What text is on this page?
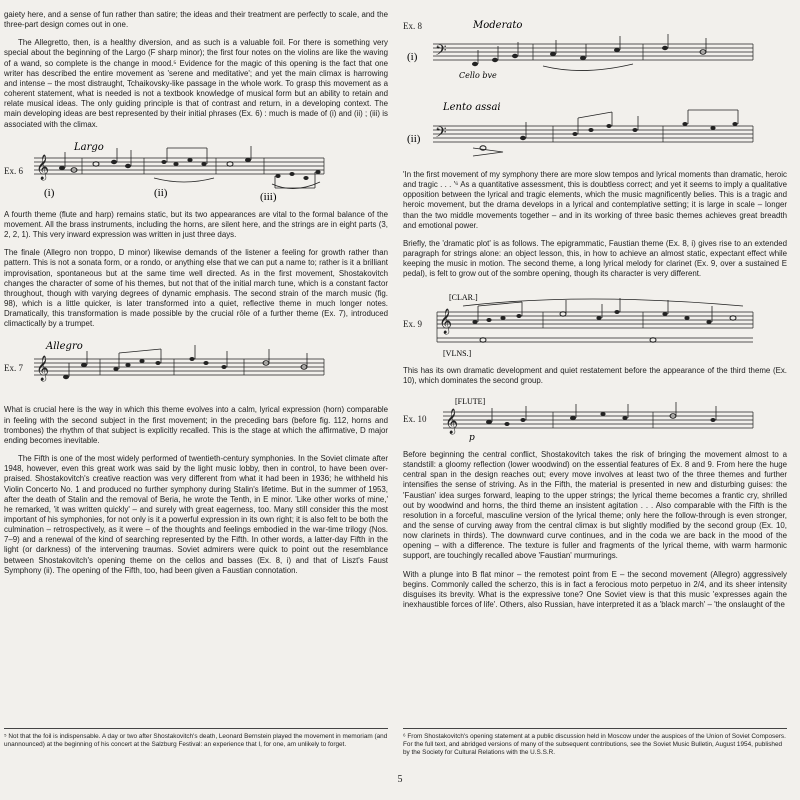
gaiety here, and a sense of fun rather than satire; the ideas and their treatment are perfectly to scale, and the three-part design comes out in one.

The Allegretto, then, is a healthy diversion, and as such is a valuable foil. For there is something very special about the beginning of the Largo (F sharp minor); the first four notes on the violins are like the waving of a wand, so complete is the change in mood.⁵ Evidence for the magic of this opening is the fact that one writer has described the entire movement as 'serene and meditative'; and yet the main climax is harrowing and intense – the most distraught, Tchaikovsky-like passage in the whole work. To grasp this movement as a coherent statement, what is needed is not a textbook knowledge of musical form but an ability to retain and relate musical ideas. The only guiding principle is that of contrast and return, in a developing context. The main developing ideas are best represented by their initial phrases (Ex. 6) : much is made of (i) and (ii) ; (iii) is associated with the climax.

Ex. 6 𝄞
Largo
(i)	(ii)	(iii)

A fourth theme (flute and harp) remains static, but its two appearances are vital to the formal balance of the movement. All the brass instruments, including the horns, are silent here, and the strings are in eight parts (3, 2, 2, 1). This very inward expression was written in just three days.

The finale (Allegro non troppo, D minor) likewise demands of the listener a feeling for growth rather than pattern. This is not a sonata form, or a rondo, or anything else that we can put a name to; rather is it a brilliant improvisation, spontaneous but at the same time well directed. As in the first movement, Shostakovitch changes the character of some of his themes, but not that of the initial march tune, which is a constant factor throughout, though with varying degrees of dynamic emphasis. The second strain of the march music (fig. 98), which is a little quicker, is later transformed into a quiet, reflective theme in much longer notes. Dramatically, this transformation is made possible by the crucial rôle of a further theme (Ex. 7), introduced climactically by a trumpet.

Ex. 7 𝄞
Allegro

What is crucial here is the way in which this theme evolves into a calm, lyrical expression (horn) comparable in feeling with the second subject in the first movement; in the preceding bars (before fig. 112, horns and trombones) the rhythm of that subject is explicitly recalled. This is the stage at which the affirmative, D major ending becomes inevitable.

The Fifth is one of the most widely performed of twentieth-century symphonies. In the Soviet climate after 1948, however, even this great work was said by the light music lobby, then in control, to have been over-praised. Shostakovitch's creative reaction was very different from what it had been in 1936; he withheld his Violin Concerto No. 1 and produced no further symphony during Stalin's lifetime. But in the summer of 1953, after the death of Stalin and the removal of Beria, he wrote the Tenth, in E minor. 'Like other works of mine,' he remarked, 'it was written quickly' – and surely with great eagerness, too. Many still consider this the most important of his symphonies, for not only is it a powerful expression in its own right; it is also felt to be both the culmination – retrospectively, as it were – of the thoughts and feelings embodied in the war-time trilogy (Nos. 7–9) and a renewal of the kind of searching represented by the Fifth. In other words, a latter-day Fifth in the light (or darkness) of the intervening traumas. Soviet admirers were quick to point out the resemblance between Shostakovitch's opening theme on the cellos and basses (Ex. 8, i) and that of Liszt's Faust Symphony (ii). The opening of the Fifth, too, had been given a Faustian connotation.

⁵ Not that the foil is indispensable. A day or two after Shostakovitch's death, Leonard Bernstein played the movement in memoriam (and unannounced) at the beginning of his concert at the Salzburg Festival: an experience that I, for one, am unlikely to forget.
Ex. 8	Moderato
(i) 𝄢
Cello bve
Lento assai
(ii) 𝄢

'In the first movement of my symphony there are more slow tempos and lyrical moments than dramatic, heroic and tragic . . . '⁶ As a quantitative assessment, this is doubtless correct; and yet it seems to imply a qualitative opposition between the lyrical and tragic elements, which the music magnificently belies. This is a tragic and heroic movement, but the drama develops in a lyrical and contemplative setting; it is large in scale – longer than the two middle movements together – and in its working of three basic themes achieves great breadth and emotional power.

Briefly, the 'dramatic plot' is as follows. The epigrammatic, Faustian theme (Ex. 8, i) gives rise to an extended paragraph for strings alone: an object lesson, this, in how to achieve an almost static, expectant effect while keeping the music in motion. The second theme, a long lyrical melody for clarinet (Ex. 9, over a sustained E pedal), is felt to grow out of the sombre opening, though its character is very different.

Ex. 9
[CLAR.]
𝄞
[VLNS.]

This has its own dramatic development and quiet restatement before the appearance of the third theme (Ex. 10), which dominates the second group.

Ex. 10
[FLUTE]
𝄞
p

Before beginning the central conflict, Shostakovitch takes the risk of bringing the movement almost to a standstill: a gloomy reflection (lower woodwind) on the essential features of Ex. 8 and 9. From here the huge central span in the design reaches out; every move involves at least two of the three themes and further intensifies the sense of striving. As in the Fifth, the material is presented in new and disturbing guises: the 'Faustian' idea surges forward, leaping to the upper strings; the lyrical theme becomes a frantic cry, shrilled out by woodwind and horns, the third theme an insistent agitation . . . Also comparable with the Fifth is the resolution in a forceful, masculine version of the lyrical theme; only here the follow-through is even stronger, and the sense of curving away from the central climax is but slightly modified by the second group (Ex. 10, now clarinets in thirds). The downward curve continues, and in the coda we are back in the mood of the opening – with a difference. The texture is fuller and fragments of the lyrical theme, with warm harmonic support, are touchingly recalled above 'Faustian' murmurings.

With a plunge into B flat minor – the remotest point from E – the second movement (Allegro) aggressively begins. Commonly called the scherzo, this is in fact a ferocious moto perpetuo in 2/4, and its sheer intensity disguises its brevity. What is the expressive tone? One Soviet view is that this music 'expresses again the inexhaustible forces of life'. Others, also Russian, have interpreted it as a 'black march' – 'the onslaught of the

⁶ From Shostakovitch's opening statement at a public discussion held in Moscow under the auspices of the Union of Soviet Composers. For the full text, and abridged versions of many of the subsequent contributions, see the Soviet Music Bulletin, August 1954, published by the Society for Cultural Relations with the U.S.S.R.
5
